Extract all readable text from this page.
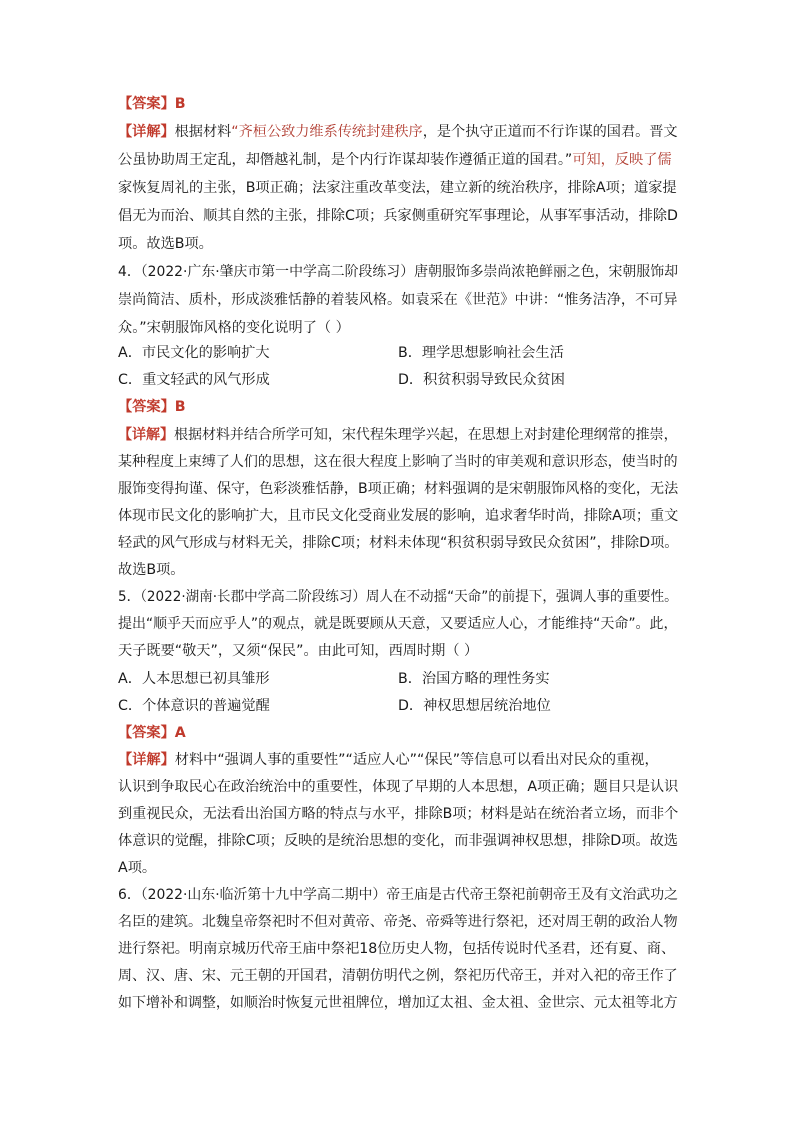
【答案】B
【详解】根据材料“齐桓公致力维系传统封建秩序，是个执守正道而不行诈谋的国君。晋文
公虽协助周王定乱，却僭越礼制，是个内行诈谋却装作遵循正道的国君。”可知，反映了儒
家恢复周礼的主张，B项正确；法家注重改革变法，建立新的统治秩序，排除A项；道家提
倡无为而治、顺其自然的主张，排除C项；兵家侧重研究军事理论，从事军事活动，排除D
项。故选B项。
4．（2022·广东·肇庆市第一中学高二阶段练习）唐朝服饰多崇尚浓艳鲜丽之色，宋朝服饰却
崇尚简洁、质朴，形成淡雅恬静的着装风格。如袁采在《世范》中讲：“惟务洁净，不可异
众。”宋朝服饰风格的变化说明了（ ）
A．市民文化的影响扩大	B．理学思想影响社会生活
C．重文轻武的风气形成	D．积贫积弱导致民众贫困
【答案】B
【详解】根据材料并结合所学可知，宋代程朱理学兴起，在思想上对封建伦理纲常的推崇，
某种程度上束缚了人们的思想，这在很大程度上影响了当时的审美观和意识形态，使当时的
服饰变得拘谨、保守，色彩淡雅恬静，B项正确；材料强调的是宋朝服饰风格的变化，无法
体现市民文化的影响扩大，且市民文化受商业发展的影响，追求奢华时尚，排除A项；重文
轻武的风气形成与材料无关，排除C项；材料未体现“积贫积弱导致民众贫困”，排除D项。
故选B项。
5．（2022·湖南·长郡中学高二阶段练习）周人在不动摇“天命”的前提下，强调人事的重要性。
提出“顺乎天而应乎人”的观点，就是既要顾从天意，又要适应人心，才能维持“天命”。此，
天子既要“敬天”，又须“保民”。由此可知，西周时期（ ）
A．人本思想已初具雏形	B．治国方略的理性务实
C．个体意识的普遍觉醒	D．神权思想居统治地位
【答案】A
【详解】材料中“强调人事的重要性”“适应人心”“保民”等信息可以看出对民众的重视，
认识到争取民心在政治统治中的重要性，体现了早期的人本思想，A项正确；题目只是认识
到重视民众，无法看出治国方略的特点与水平，排除B项；材料是站在统治者立场，而非个
体意识的觉醒，排除C项；反映的是统治思想的变化，而非强调神权思想，排除D项。故选
A项。
6．（2022·山东·临沂第十九中学高二期中）帝王庙是古代帝王祭祀前朝帝王及有文治武功之
名臣的建筑。北魏皇帝祭祀时不但对黄帝、帝尧、帝舜等进行祭祀，还对周王朝的政治人物
进行祭祀。明南京城历代帝王庙中祭祀18位历史人物，包括传说时代圣君，还有夏、商、
周、汉、唐、宋、元王朝的开国君，清朝仿明代之例，祭祀历代帝王，并对入祀的帝王作了
如下增补和调整，如顺治时恢复元世祖牌位，增加辽太祖、金太祖、金世宗、元太祖等北方
